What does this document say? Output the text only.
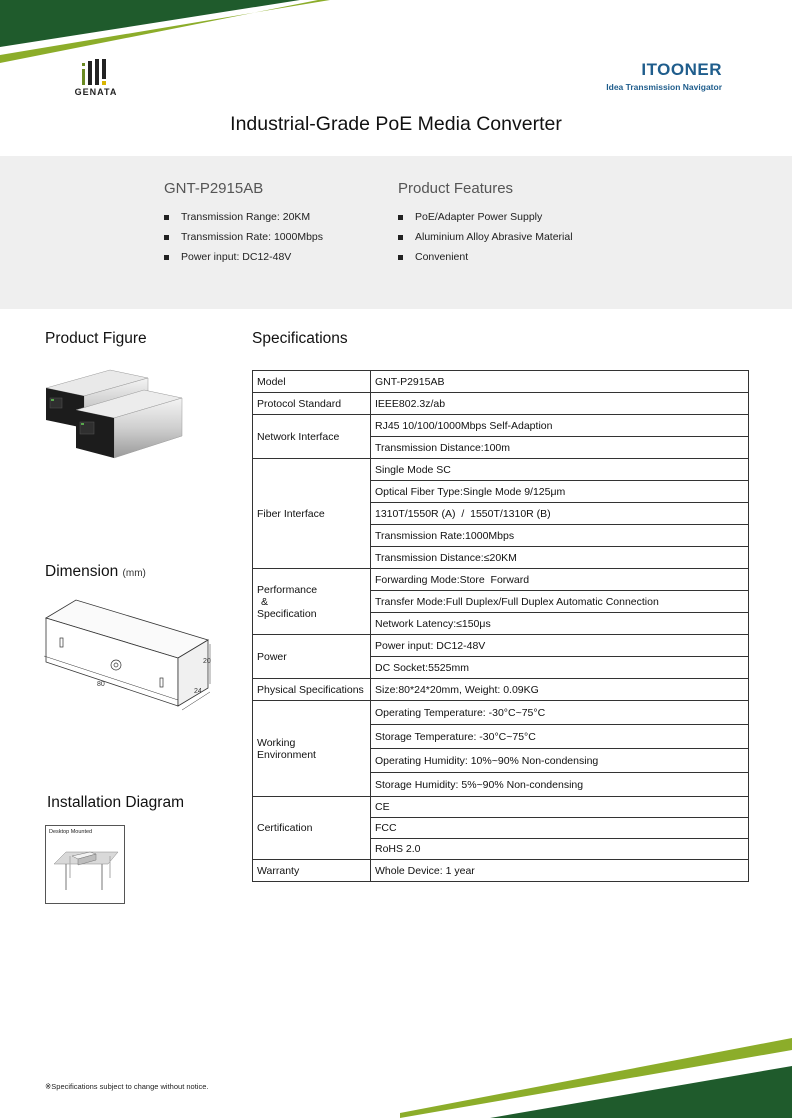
GENATA
ITOONER
Idea Transmission Navigator
Industrial-Grade PoE Media Converter
GNT-P2915AB
Transmission Range: 20KM
Transmission Rate: 1000Mbps
Power input: DC12-48V
Product Features
PoE/Adapter Power Supply
Aluminium Alloy Abrasive Material
Convenient
Product Figure	Specifications
Dimension (mm)
Installation Diagram
80
20
24
Desktop Mounted
Model	GNT-P2915AB
Protocol Standard	IEEE802.3z/ab
Network Interface	RJ45 10/100/1000Mbps Self-Adaption
	Transmission Distance:100m
Fiber Interface	Single Mode SC
	Optical Fiber Type:Single Mode 9/125μm
	1310T/1550R (A)  /  1550T/1310R (B)
	Transmission Rate:1000Mbps
	Transmission Distance:≤20KM

Performance
&
Specification	Forwarding Mode:Store  Forward
	Transfer Mode:Full Duplex/Full Duplex Automatic Connection
	Network Latency:≤150μs
Power	Power input: DC12-48V
	DC Socket:5525mm
Physical Specifications	Size:80*24*20mm, Weight: 0.09KG

Working
Environment	Operating Temperature: -30°C~75°C
	Storage Temperature: -30°C~75°C
	Operating Humidity: 10%~90% Non-condensing
	Storage Humidity: 5%~90% Non-condensing
Certification	CE
	FCC
	RoHS 2.0
Warranty	Whole Device: 1 year
※Specifications subject to change without notice.
